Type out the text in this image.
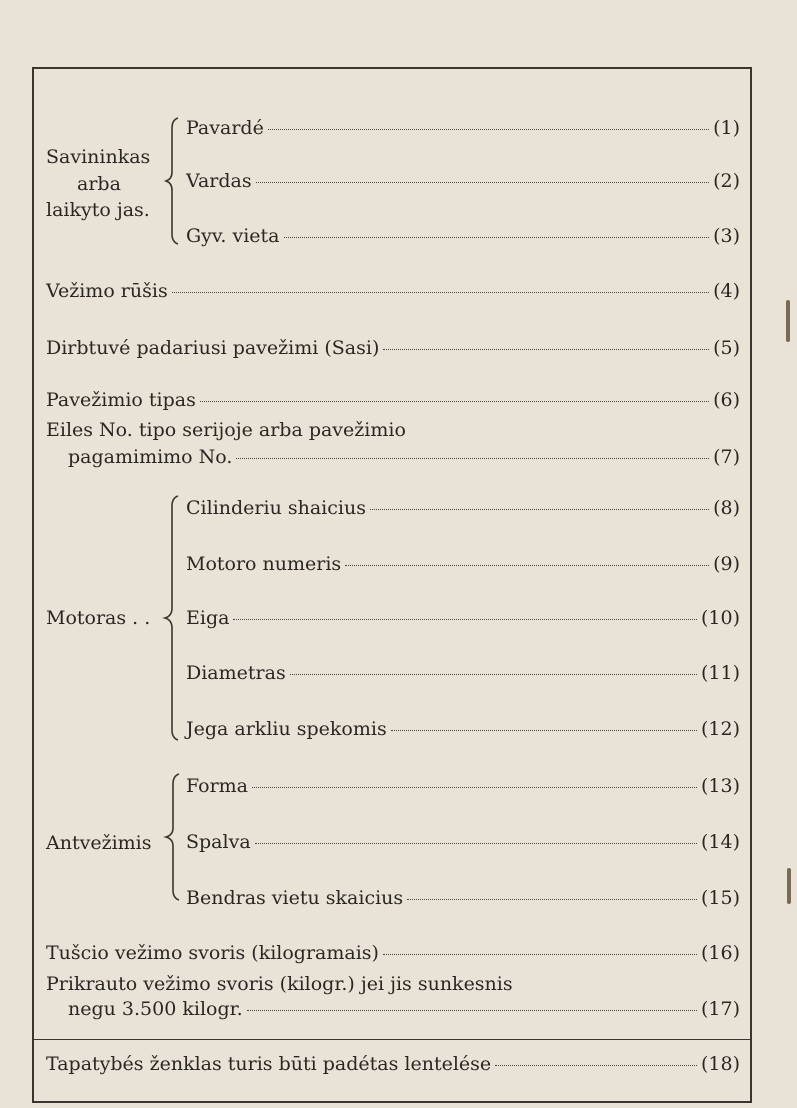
Savininkas
arba
laikyto jas.
Pavardé	(1)
Vardas	(2)
Gyv. vieta	(3)
Vežimo rūšis	(4)
Dirbtuvé padariusi pavežimi (Sasi)	(5)
Pavežimio tipas	(6)
Eiles No. tipo serijoje arba pavežimio
pagamimimo No.	(7)
Motoras . .
Cilinderiu shaicius	(8)
Motoro numeris	(9)
Eiga	(10)
Diametras	(11)
Jega arkliu spekomis	(12)
Antvežimis
Forma	(13)
Spalva	(14)
Bendras vietu skaicius	(15)
Tušcio vežimo svoris (kilogramais)	(16)
Prikrauto vežimo svoris (kilogr.) jei jis sunkesnis
negu 3.500 kilogr.	(17)
Tapatybés ženklas turis būti padétas lentelése	(18)
